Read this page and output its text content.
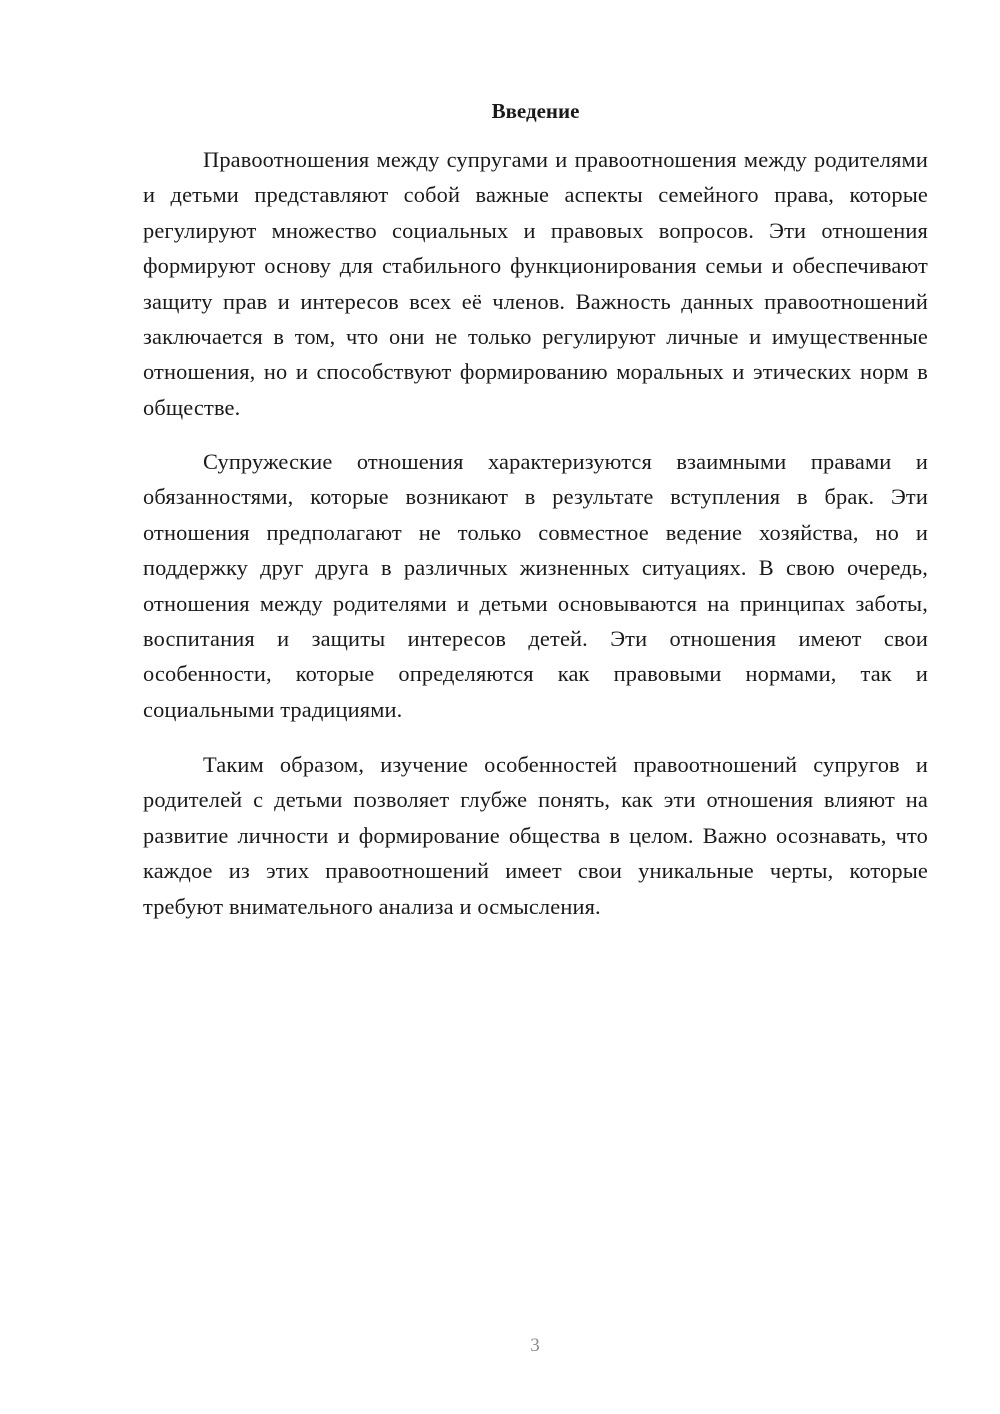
Введение

Правоотношения между супругами и правоотношения между родителями и детьми представляют собой важные аспекты семейного права, которые регулируют множество социальных и правовых вопросов. Эти отношения формируют основу для стабильного функционирования семьи и обеспечивают защиту прав и интересов всех её членов. Важность данных правоотношений заключается в том, что они не только регулируют личные и имущественные отношения, но и способствуют формированию моральных и этических норм в обществе.

Супружеские отношения характеризуются взаимными правами и обязанностями, которые возникают в результате вступления в брак. Эти отношения предполагают не только совместное ведение хозяйства, но и поддержку друг друга в различных жизненных ситуациях. В свою очередь, отношения между родителями и детьми основываются на принципах заботы, воспитания и защиты интересов детей. Эти отношения имеют свои особенности, которые определяются как правовыми нормами, так и социальными традициями.

Таким образом, изучение особенностей правоотношений супругов и родителей с детьми позволяет глубже понять, как эти отношения влияют на развитие личности и формирование общества в целом. Важно осознавать, что каждое из этих правоотношений имеет свои уникальные черты, которые требуют внимательного анализа и осмысления.

3
